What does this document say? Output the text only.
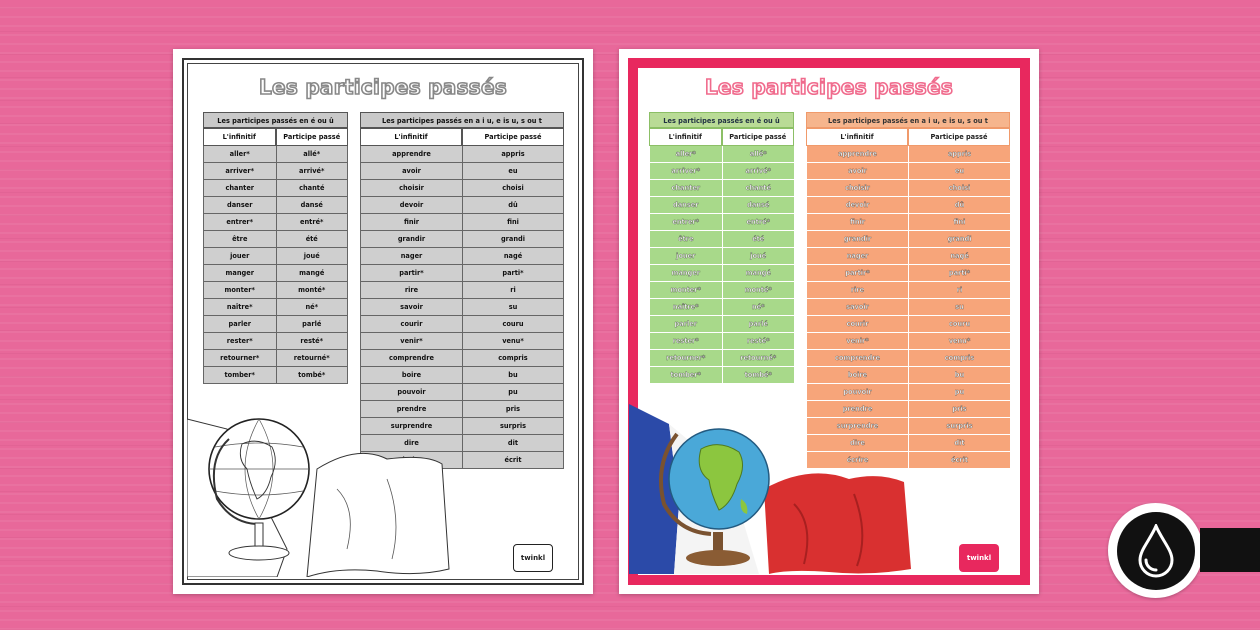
Les participes passés
Les participes passés en é ou û
L'infinitif	Participe passé
aller*	allé*
arriver*	arrivé*
chanter	chanté
danser	dansé
entrer*	entré*
être	été
jouer	joué
manger	mangé
monter*	monté*
naître*	né*
parler	parlé
rester*	resté*
retourner*	retourné*
tomber*	tombé*
Les participes passés en a i u, e is u, s ou t
L'infinitif	Participe passé
apprendre	appris
avoir	eu
choisir	choisi
devoir	dû
finir	fini
grandir	grandi
nager	nagé
partir*	parti*
rire	ri
savoir	su
courir	couru
venir*	venu*
comprendre	compris
boire	bu
pouvoir	pu
prendre	pris
surprendre	surpris
dire	dit
	écrit
twinkl
Les participes passés
Les participes passés en é ou û
L'infinitif	Participe passé
aller*	allé*
arriver*	arrivé*
chanter	chanté
danser	dansé
entrer*	entré*
être	été
jouer	joué
manger	mangé
monter*	monté*
naître*	né*
parler	parlé
rester*	resté*
retourner*	retourné*
tomber*	tombé*
Les participes passés en a i u, e is u, s ou t
L'infinitif	Participe passé
apprendre	appris
avoir	eu
choisir	choisi
devoir	dû
finir	fini
grandir	grandi
nager	nagé
partir*	parti*
rire	ri
savoir	su
courir	couru
venir*	venu*
comprendre	compris
boire	bu
pouvoir	pu
prendre	pris
surprendre	surpris
dire	dit
écrire	écrit
twinkl
